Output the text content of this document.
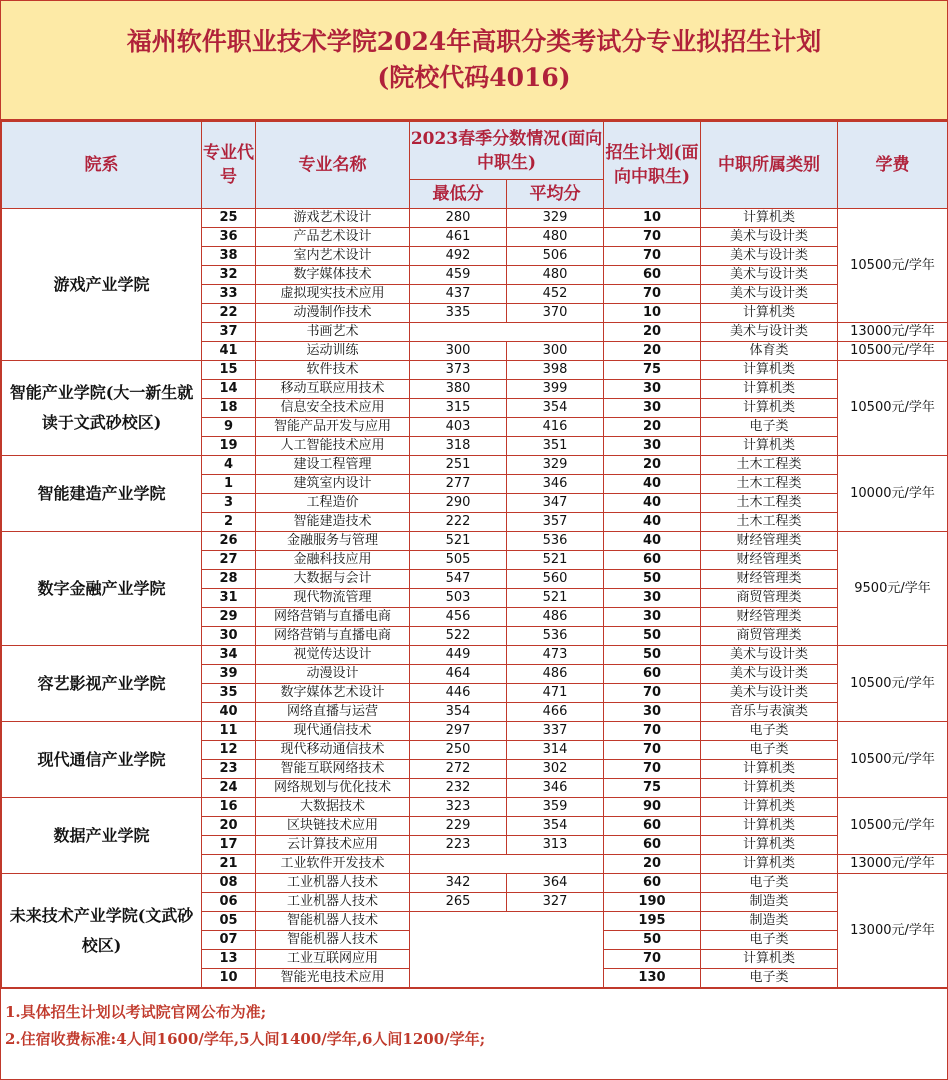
福州软件职业技术学院2024年高职分类考试分专业拟招生计划
(院校代码4016)
院系	专业代号	专业名称	2023春季分数情况(面向中职生)		招生计划(面向中职生)	中职所属类别	学费
			最低分	平均分			
游戏产业学院	25	游戏艺术设计	280	329	10	计算机类	10500元/学年
	36	产品艺术设计	461	480	70	美术与设计类	
	38	室内艺术设计	492	506	70	美术与设计类	
	32	数字媒体技术	459	480	60	美术与设计类	
	33	虚拟现实技术应用	437	452	70	美术与设计类	
	22	动漫制作技术	335	370	10	计算机类	
	37	书画艺术			20	美术与设计类	13000元/学年
	41	运动训练	300	300	20	体育类	10500元/学年
智能产业学院(大一新生就读于文武砂校区)	15	软件技术	373	398	75	计算机类	10500元/学年
	14	移动互联应用技术	380	399	30	计算机类	
	18	信息安全技术应用	315	354	30	计算机类	
	9	智能产品开发与应用	403	416	20	电子类	
	19	人工智能技术应用	318	351	30	计算机类	
智能建造产业学院	4	建设工程管理	251	329	20	土木工程类	10000元/学年
	1	建筑室内设计	277	346	40	土木工程类	
	3	工程造价	290	347	40	土木工程类	
	2	智能建造技术	222	357	40	土木工程类	
数字金融产业学院	26	金融服务与管理	521	536	40	财经管理类	9500元/学年
	27	金融科技应用	505	521	60	财经管理类	
	28	大数据与会计	547	560	50	财经管理类	
	31	现代物流管理	503	521	30	商贸管理类	
	29	网络营销与直播电商	456	486	30	财经管理类	
	30	网络营销与直播电商	522	536	50	商贸管理类	
容艺影视产业学院	34	视觉传达设计	449	473	50	美术与设计类	10500元/学年
	39	动漫设计	464	486	60	美术与设计类	
	35	数字媒体艺术设计	446	471	70	美术与设计类	
	40	网络直播与运营	354	466	30	音乐与表演类	
现代通信产业学院	11	现代通信技术	297	337	70	电子类	10500元/学年
	12	现代移动通信技术	250	314	70	电子类	
	23	智能互联网络技术	272	302	70	计算机类	
	24	网络规划与优化技术	232	346	75	计算机类	
数据产业学院	16	大数据技术	323	359	90	计算机类	10500元/学年
	20	区块链技术应用	229	354	60	计算机类	
	17	云计算技术应用	223	313	60	计算机类	
	21	工业软件开发技术			20	计算机类	13000元/学年
未来技术产业学院(文武砂校区)	08	工业机器人技术	342	364	60	电子类	13000元/学年
	06	工业机器人技术	265	327	190	制造类	
	05	智能机器人技术			195	制造类	
	07	智能机器人技术			50	电子类	
	13	工业互联网应用			70	计算机类	
	10	智能光电技术应用			130	电子类	
1.具体招生计划以考试院官网公布为准;
2.住宿收费标准:4人间1600/学年,5人间1400/学年,6人间1200/学年;
